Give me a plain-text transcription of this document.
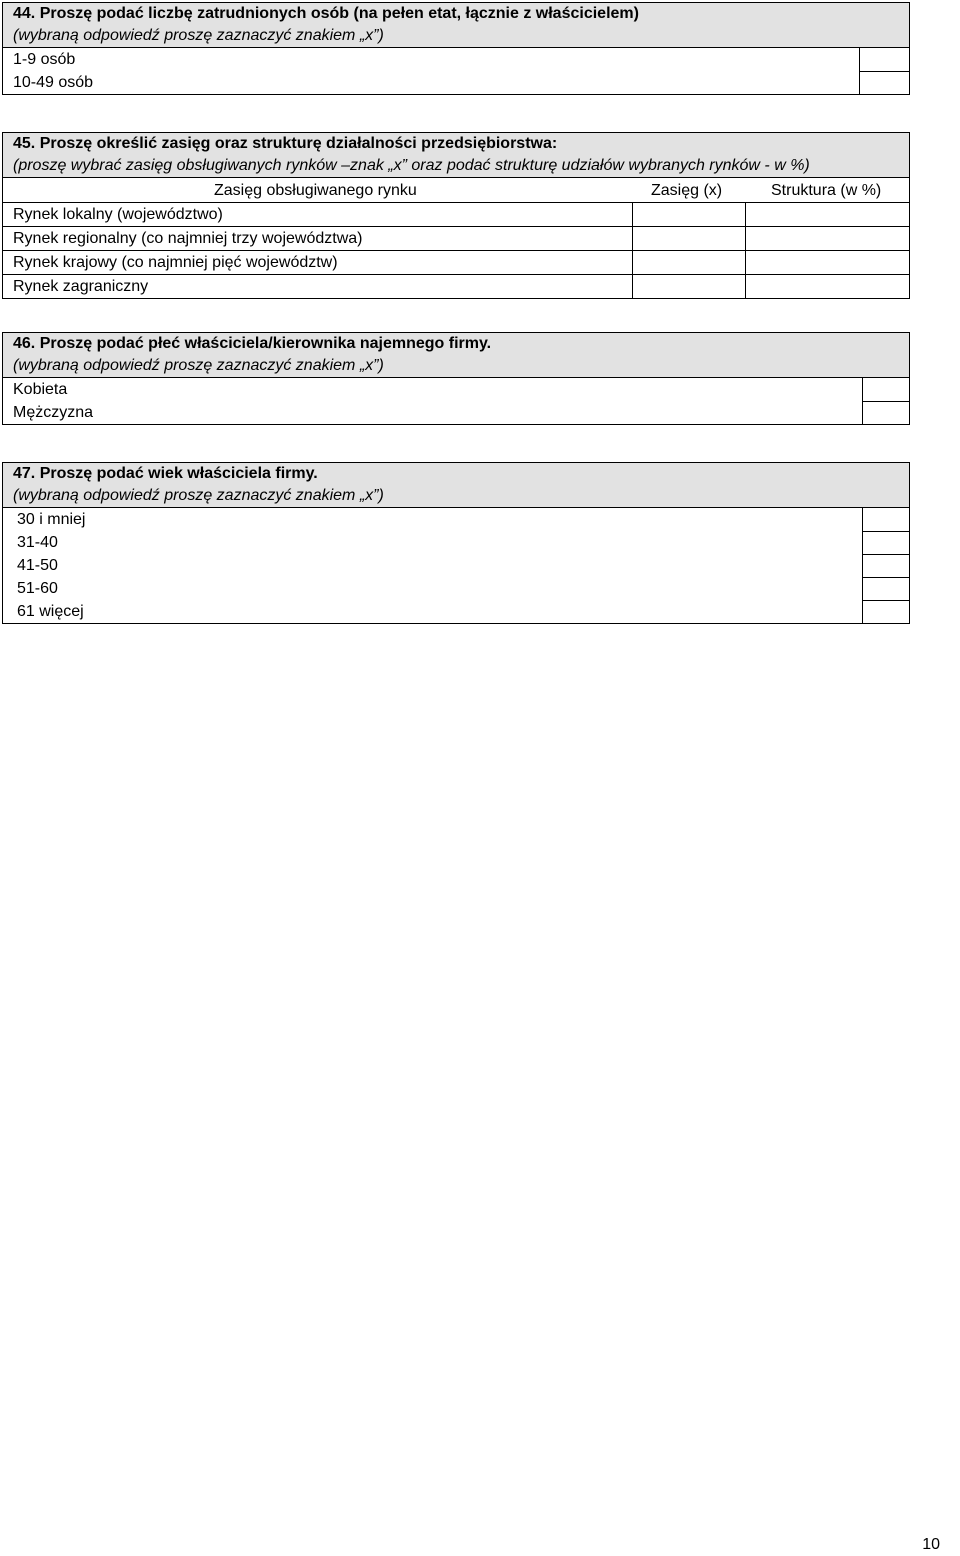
44. Proszę podać liczbę zatrudnionych osób (na pełen etat, łącznie z właścicielem)
(wybraną odpowiedź proszę zaznaczyć znakiem „x”)
1-9 osób
10-49 osób
45. Proszę określić zasięg oraz strukturę działalności przedsiębiorstwa:
(proszę wybrać zasięg obsługiwanych rynków –znak „x” oraz podać strukturę udziałów wybranych rynków - w %)
Zasięg obsługiwanego rynku	Zasięg (x)	Struktura (w %)
Rynek lokalny (województwo)
Rynek regionalny (co najmniej trzy województwa)
Rynek krajowy (co najmniej pięć województw)
Rynek zagraniczny
46. Proszę podać płeć właściciela/kierownika najemnego firmy.
(wybraną odpowiedź proszę zaznaczyć znakiem „x”)
Kobieta
Mężczyzna
47. Proszę podać wiek właściciela firmy.
(wybraną odpowiedź proszę zaznaczyć znakiem „x”)
30 i mniej
31-40
41-50
51-60
61 więcej
10
